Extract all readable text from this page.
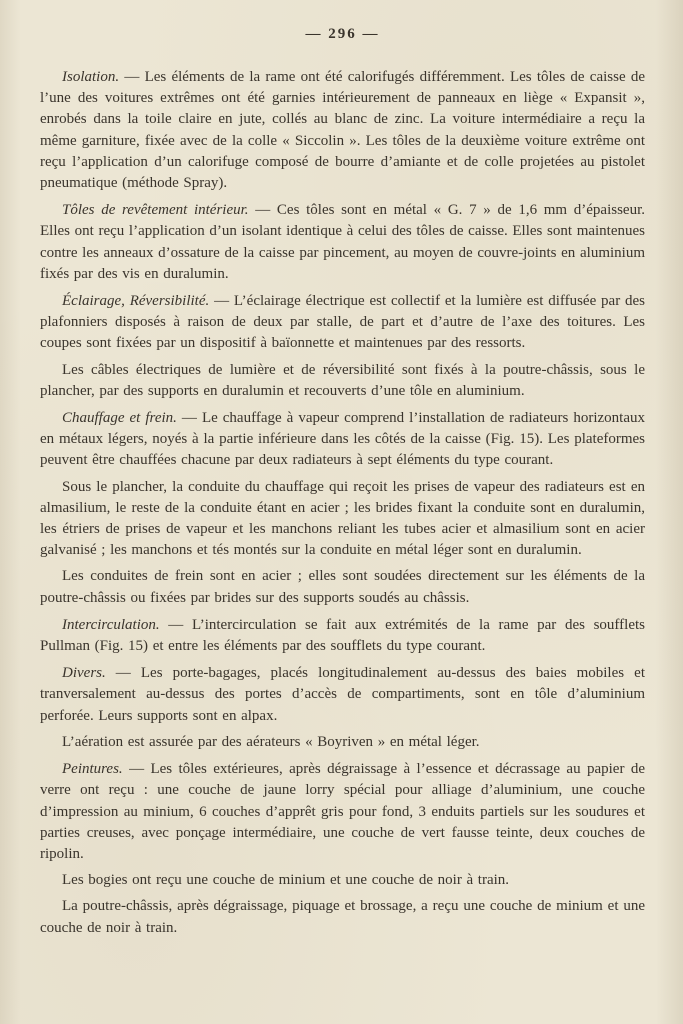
— 296 —

Isolation. — Les éléments de la rame ont été calorifugés différemment. Les tôles de caisse de l’une des voitures extrêmes ont été garnies intérieurement de panneaux en liège « Expansit », enrobés dans la toile claire en jute, collés au blanc de zinc. La voiture intermédiaire a reçu la même garniture, fixée avec de la colle « Siccolin ». Les tôles de la deuxième voiture extrême ont reçu l’application d’un calorifuge composé de bourre d’amiante et de colle projetées au pistolet pneumatique (méthode Spray).

Tôles de revêtement intérieur. — Ces tôles sont en métal « G. 7 » de 1,6 mm d’épaisseur. Elles ont reçu l’application d’un isolant identique à celui des tôles de caisse. Elles sont maintenues contre les anneaux d’ossature de la caisse par pincement, au moyen de couvre-joints en aluminium fixés par des vis en duralumin.

Éclairage, Réversibilité. — L’éclairage électrique est collectif et la lumière est diffusée par des plafonniers disposés à raison de deux par stalle, de part et d’autre de l’axe des toitures. Les coupes sont fixées par un dispositif à baïonnette et maintenues par des ressorts.

Les câbles électriques de lumière et de réversibilité sont fixés à la poutre-châssis, sous le plancher, par des supports en duralumin et recouverts d’une tôle en aluminium.

Chauffage et frein. — Le chauffage à vapeur comprend l’installation de radiateurs horizontaux en métaux légers, noyés à la partie inférieure dans les côtés de la caisse (Fig. 15). Les plateformes peuvent être chauffées chacune par deux radiateurs à sept éléments du type courant.

Sous le plancher, la conduite du chauffage qui reçoit les prises de vapeur des radiateurs est en almasilium, le reste de la conduite étant en acier ; les brides fixant la conduite sont en duralumin, les étriers de prises de vapeur et les manchons reliant les tubes acier et almasilium sont en acier galvanisé ; les manchons et tés montés sur la conduite en métal léger sont en duralumin.

Les conduites de frein sont en acier ; elles sont soudées directement sur les éléments de la poutre-châssis ou fixées par brides sur des supports soudés au châssis.

Intercirculation. — L’intercirculation se fait aux extrémités de la rame par des soufflets Pullman (Fig. 15) et entre les éléments par des soufflets du type courant.

Divers. — Les porte-bagages, placés longitudinalement au-dessus des baies mobiles et tranversalement au-dessus des portes d’accès de compartiments, sont en tôle d’aluminium perforée. Leurs supports sont en alpax.

L’aération est assurée par des aérateurs « Boyriven » en métal léger.

Peintures. — Les tôles extérieures, après dégraissage à l’essence et décrassage au papier de verre ont reçu : une couche de jaune lorry spécial pour alliage d’aluminium, une couche d’impression au minium, 6 couches d’apprêt gris pour fond, 3 enduits partiels sur les soudures et parties creuses, avec ponçage intermédiaire, une couche de vert fausse teinte, deux couches de ripolin.

Les bogies ont reçu une couche de minium et une couche de noir à train.

La poutre-châssis, après dégraissage, piquage et brossage, a reçu une couche de minium et une couche de noir à train.
